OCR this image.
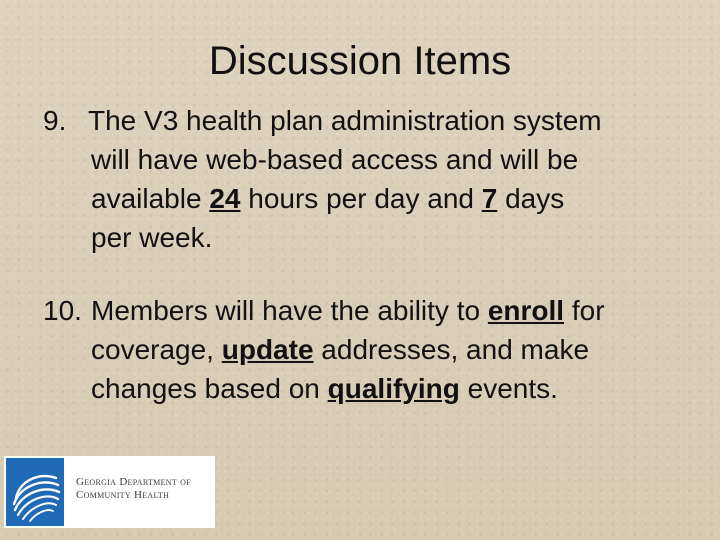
Discussion Items
9. The V3 health plan administration system
will have web-based access and will be
available 24 hours per day and 7 days
per week.
10. Members will have the ability to enroll for
coverage, update addresses, and make
changes based on qualifying events.
Georgia Department of
Community Health
